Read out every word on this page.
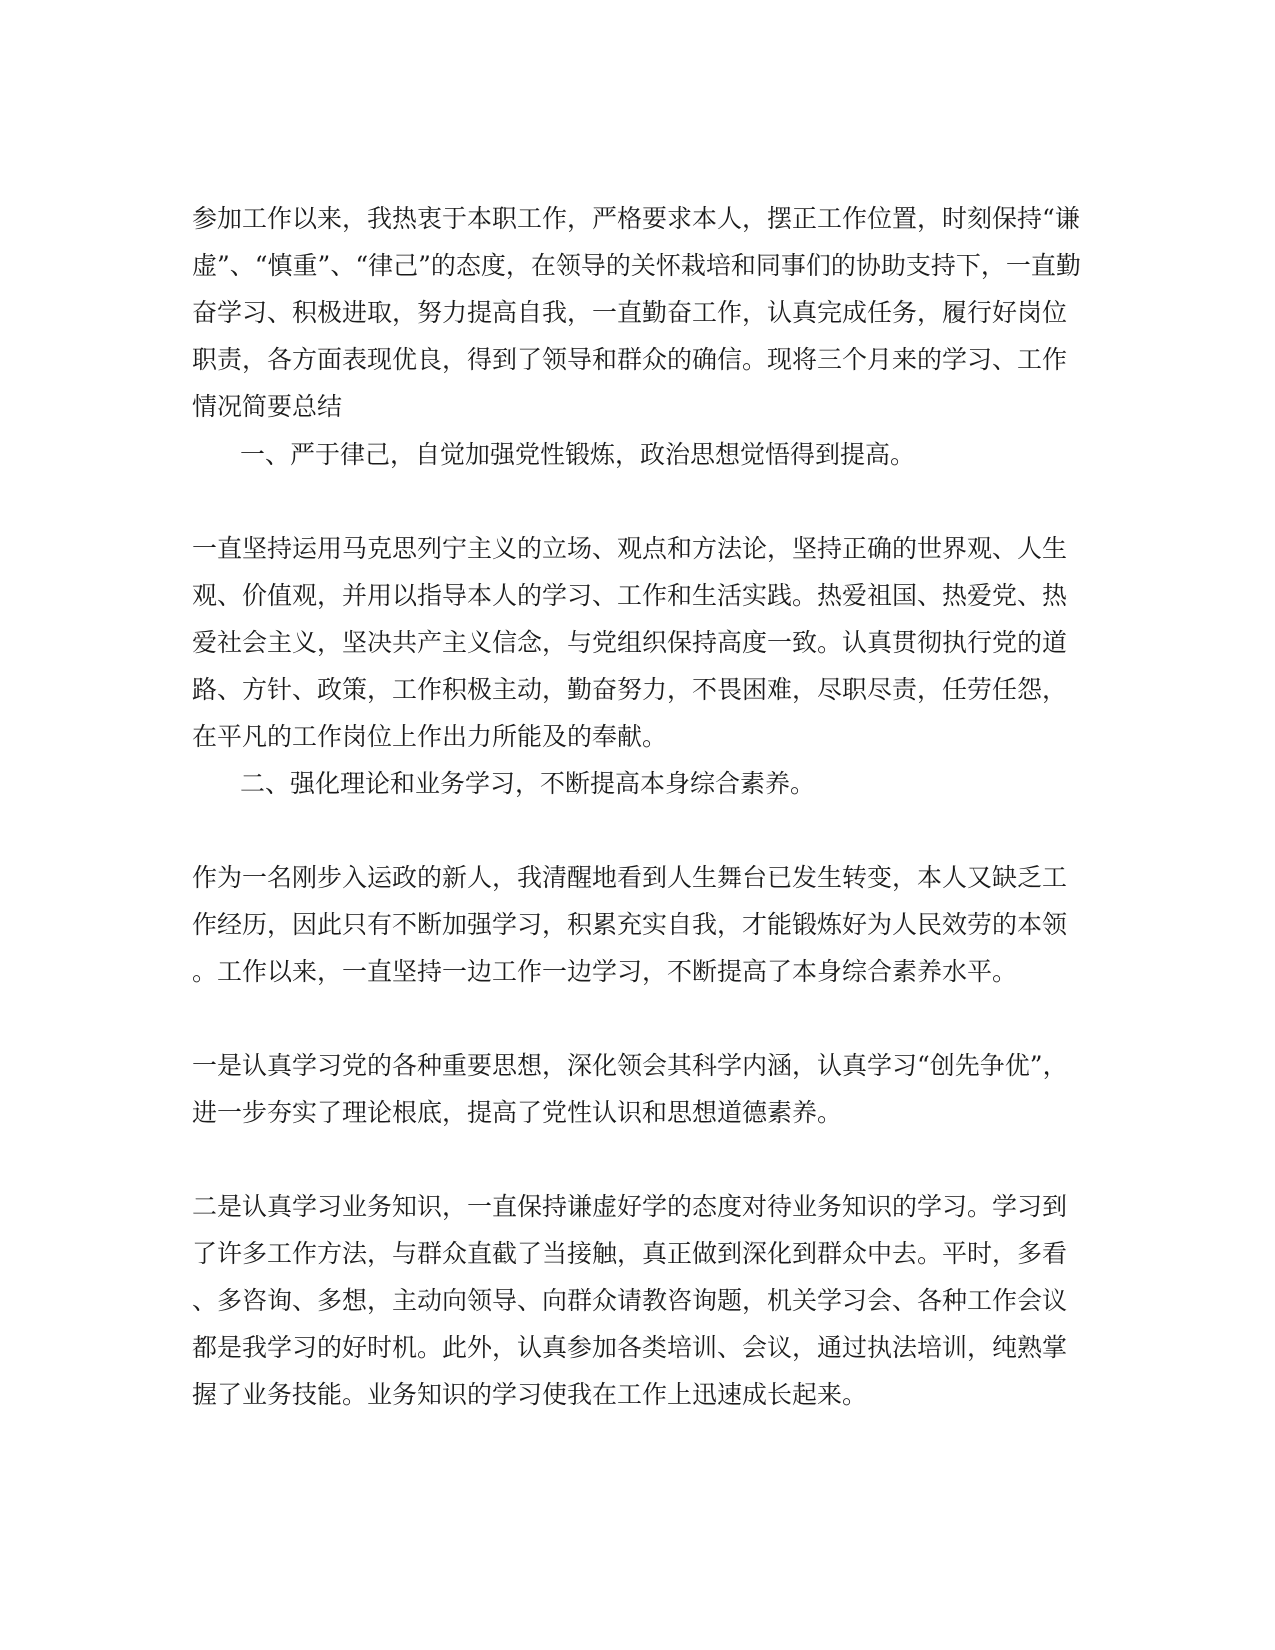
参加工作以来，我热衷于本职工作，严格要求本人，摆正工作位置，时刻保持“谦
虚”、“慎重”、“律己”的态度，在领导的关怀栽培和同事们的协助支持下，一直勤
奋学习、积极进取，努力提高自我，一直勤奋工作，认真完成任务，履行好岗位
职责，各方面表现优良，得到了领导和群众的确信。现将三个月来的学习、工作
情况简要总结
一、严于律己，自觉加强党性锻炼，政治思想觉悟得到提高。
一直坚持运用马克思列宁主义的立场、观点和方法论，坚持正确的世界观、人生
观、价值观，并用以指导本人的学习、工作和生活实践。热爱祖国、热爱党、热
爱社会主义，坚决共产主义信念，与党组织保持高度一致。认真贯彻执行党的道
路、方针、政策，工作积极主动，勤奋努力，不畏困难，尽职尽责，任劳任怨，
在平凡的工作岗位上作出力所能及的奉献。
二、强化理论和业务学习，不断提高本身综合素养。
作为一名刚步入运政的新人，我清醒地看到人生舞台已发生转变，本人又缺乏工
作经历，因此只有不断加强学习，积累充实自我，才能锻炼好为人民效劳的本领
。工作以来，一直坚持一边工作一边学习，不断提高了本身综合素养水平。
一是认真学习党的各种重要思想，深化领会其科学内涵，认真学习“创先争优”，
进一步夯实了理论根底，提高了党性认识和思想道德素养。
二是认真学习业务知识，一直保持谦虚好学的态度对待业务知识的学习。学习到
了许多工作方法，与群众直截了当接触，真正做到深化到群众中去。平时，多看
、多咨询、多想，主动向领导、向群众请教咨询题，机关学习会、各种工作会议
都是我学习的好时机。此外，认真参加各类培训、会议，通过执法培训，纯熟掌
握了业务技能。业务知识的学习使我在工作上迅速成长起来。
